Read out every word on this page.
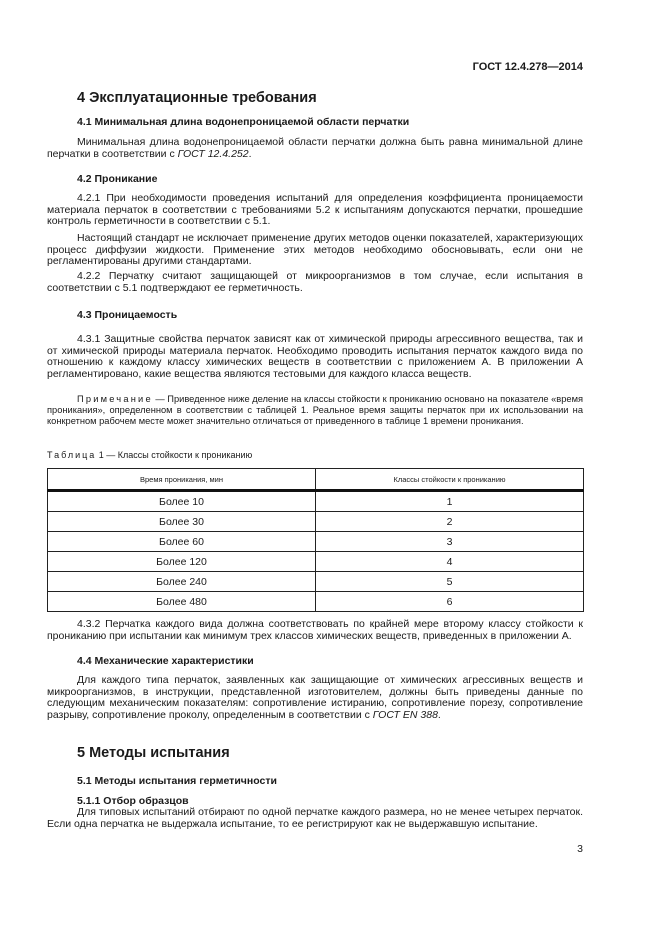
ГОСТ 12.4.278—2014
4 Эксплуатационные требования
4.1 Минимальная длина водонепроницаемой области перчатки
Минимальная длина водонепроницаемой области перчатки должна быть равна минимальной длине перчатки в соответствии с ГОСТ 12.4.252.
4.2 Проникание
4.2.1 При необходимости проведения испытаний для определения коэффициента проницаемости материала перчаток в соответствии с требованиями 5.2 к испытаниям допускаются перчатки, прошедшие контроль герметичности в соответствии с 5.1.
Настоящий стандарт не исключает применение других методов оценки показателей, характеризующих процесс диффузии жидкости. Применение этих методов необходимо обосновывать, если они не регламентированы другими стандартами.
4.2.2 Перчатку считают защищающей от микроорганизмов в том случае, если испытания в соответствии с 5.1 подтверждают ее герметичность.
4.3 Проницаемость
4.3.1 Защитные свойства перчаток зависят как от химической природы агрессивного вещества, так и от химической природы материала перчаток. Необходимо проводить испытания перчаток каждого вида по отношению к каждому классу химических веществ в соответствии с приложением А. В приложении А регламентировано, какие вещества являются тестовыми для каждого класса веществ.
Примечание — Приведенное ниже деление на классы стойкости к прониканию основано на показателе «время проникания», определенном в соответствии с таблицей 1. Реальное время защиты перчаток при их использовании на конкретном рабочем месте может значительно отличаться от приведенного в таблице 1 времени проникания.
Таблица 1 — Классы стойкости к прониканию
Время проникания, мин	Классы стойкости к прониканию
Более 10	1
Более 30	2
Более 60	3
Более 120	4
Более 240	5
Более 480	6
4.3.2 Перчатка каждого вида должна соответствовать по крайней мере второму классу стойкости к прониканию при испытании как минимум трех классов химических веществ, приведенных в приложении А.
4.4 Механические характеристики
Для каждого типа перчаток, заявленных как защищающие от химических агрессивных веществ и микроорганизмов, в инструкции, представленной изготовителем, должны быть приведены данные по следующим механическим показателям: сопротивление истиранию, сопротивление порезу, сопротивление разрыву, сопротивление проколу, определенным в соответствии с ГОСТ EN 388.
5 Методы испытания
5.1 Методы испытания герметичности
5.1.1 Отбор образцов
Для типовых испытаний отбирают по одной перчатке каждого размера, но не менее четырех перчаток. Если одна перчатка не выдержала испытание, то ее регистрируют как не выдержавшую испытание.
3
